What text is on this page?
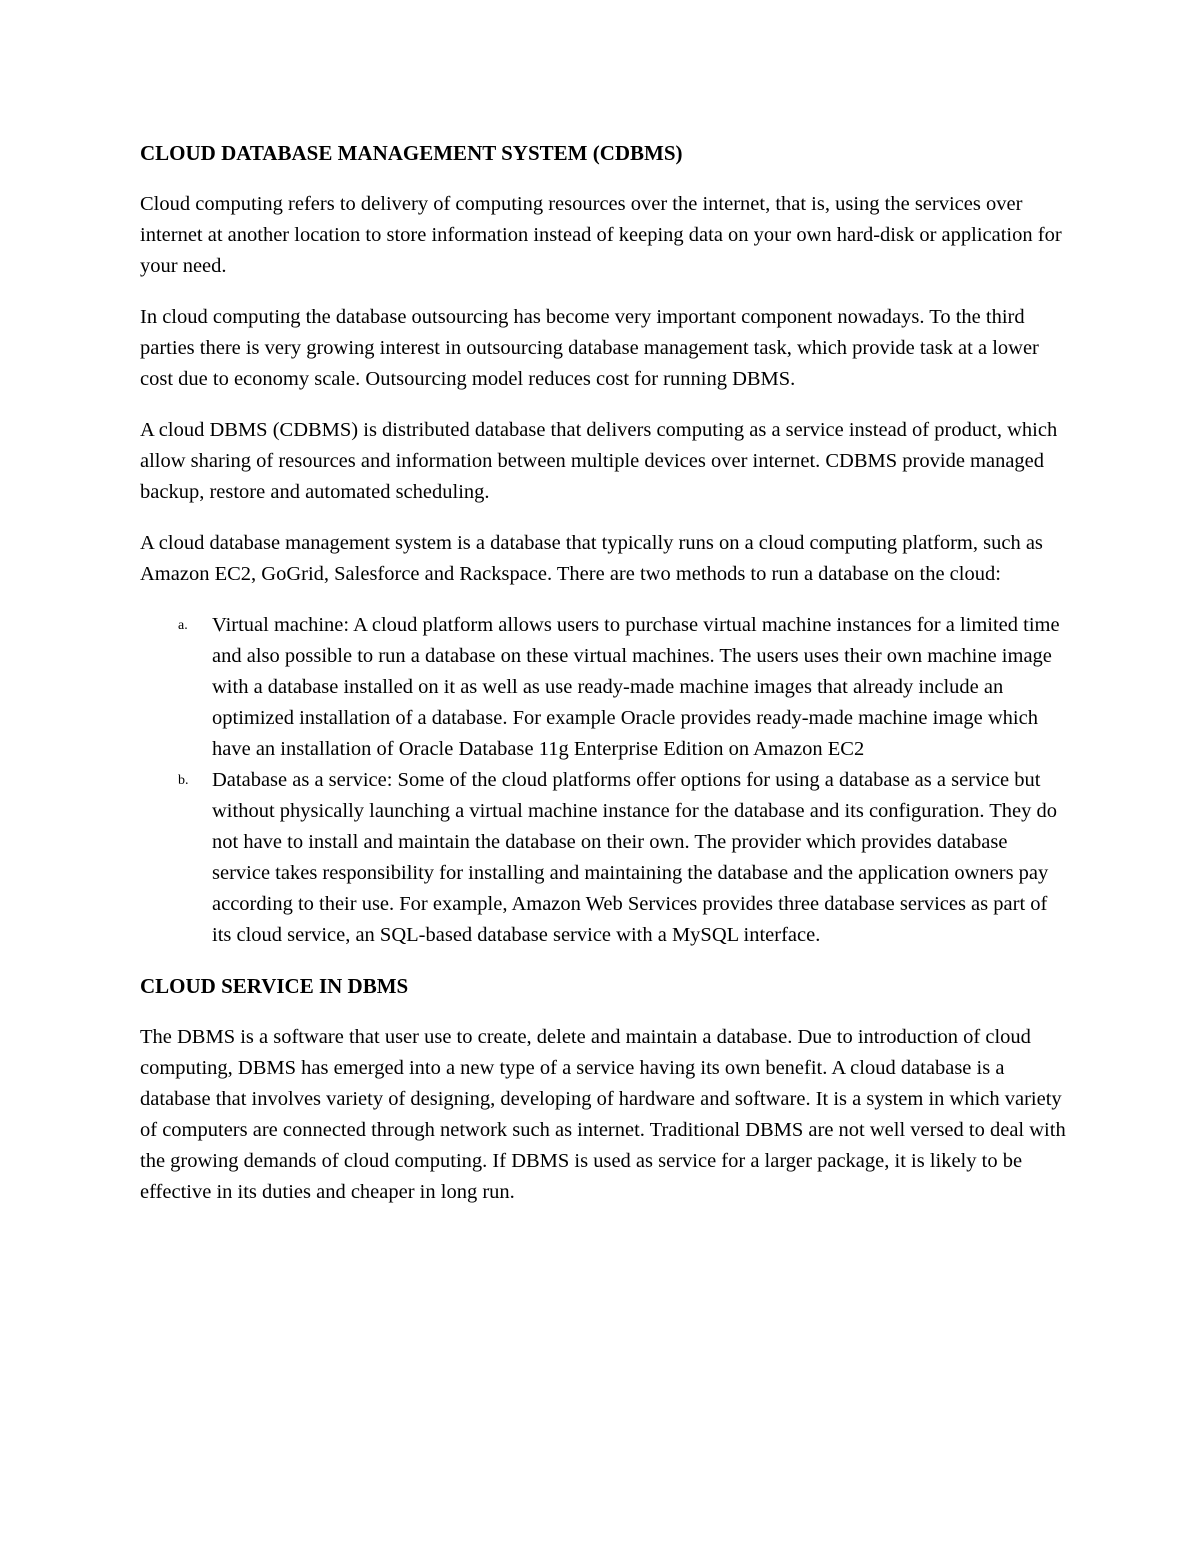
CLOUD DATABASE MANAGEMENT SYSTEM (CDBMS)

Cloud computing refers to delivery of computing resources over the internet, that is, using the services over internet at another location to store information instead of keeping data on your own hard-disk or application for your need.

In cloud computing the database outsourcing has become very important component nowadays. To the third parties there is very growing interest in outsourcing database management task, which provide task at a lower cost due to economy scale. Outsourcing model reduces cost for running DBMS.

A cloud DBMS (CDBMS) is distributed database that delivers computing as a service instead of product, which allow sharing of resources and information between multiple devices over internet. CDBMS provide managed backup, restore and automated scheduling.

A cloud database management system is a database that typically runs on a cloud computing platform, such as Amazon EC2, GoGrid, Salesforce and Rackspace. There are two methods to run a database on the cloud:

a. Virtual machine: A cloud platform allows users to purchase virtual machine instances for a limited time and also possible to run a database on these virtual machines. The users uses their own machine image with a database installed on it as well as use ready-made machine images that already include an optimized installation of a database. For example Oracle provides ready-made machine image which have an installation of Oracle Database 11g Enterprise Edition on Amazon EC2
b. Database as a service: Some of the cloud platforms offer options for using a database as a service but without physically launching a virtual machine instance for the database and its configuration. They do not have to install and maintain the database on their own. The provider which provides database service takes responsibility for installing and maintaining the database and the application owners pay according to their use. For example, Amazon Web Services provides three database services as part of its cloud service, an SQL-based database service with a MySQL interface.
CLOUD SERVICE IN DBMS

The DBMS is a software that user use to create, delete and maintain a database. Due to introduction of cloud computing, DBMS has emerged into a new type of a service having its own benefit. A cloud database is a database that involves variety of designing, developing of hardware and software. It is a system in which variety of computers are connected through network such as internet. Traditional DBMS are not well versed to deal with the growing demands of cloud computing. If DBMS is used as service for a larger package, it is likely to be effective in its duties and cheaper in long run.
